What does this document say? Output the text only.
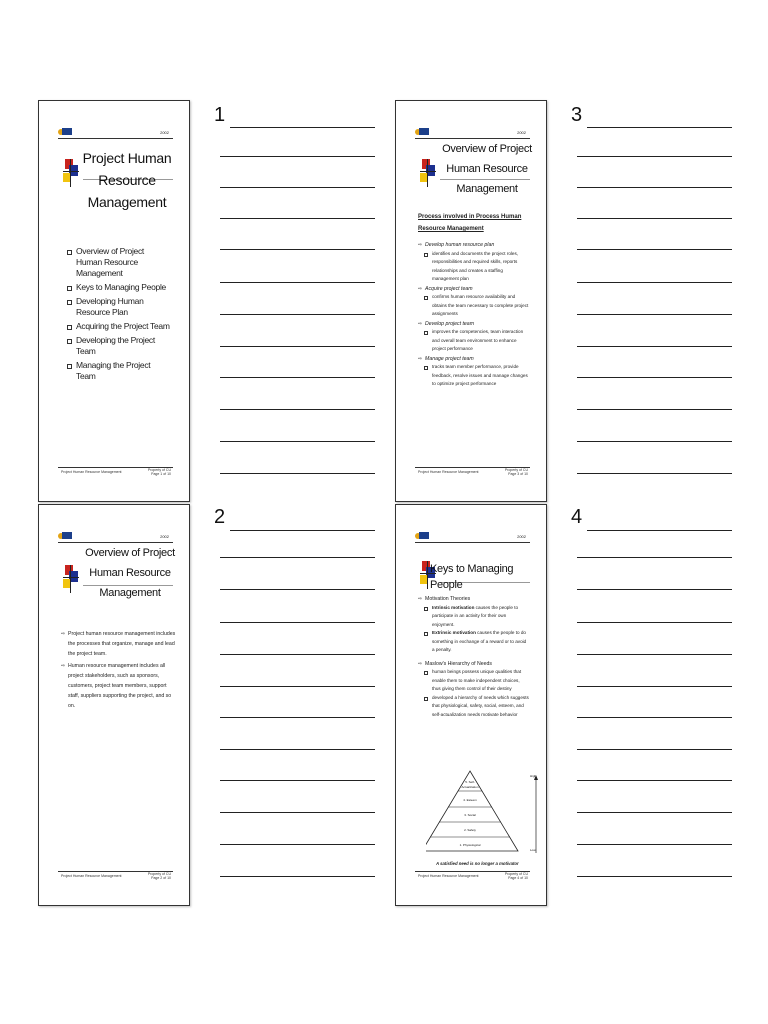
2002
Project Human
Resource
Management
Overview of Project Human Resource Management
Keys to Managing People
Developing Human Resource Plan
Acquiring the Project Team
Developing the Project Team
Managing the Project Team
Project Human Resource Management	Property of CU
Page 1 of 10
2002
Overview of Project
Human Resource
Management
⇨ Project human resource management includes the processes that organize, manage and lead the project team.
⇨ Human resource management includes all project stakeholders, such as sponsors, customers, project team members, support staff, suppliers supporting the project, and so on.
Project Human Resource Management	Property of CU
Page 2 of 10
2002
Overview of Project
Human Resource
Management
Process involved in Process Human
Resource Management
⇨ Develop human resource plan
identifies and documents the project roles,
responsibilities and required skills, reports
relationships and creates a staffing
management plan
⇨ Acquire project team
confirms human resource availability and
obtains the team necessary to complete project
assignments
⇨ Develop project team
improves the competencies, team interaction
and overall team environment to enhance
project performance
⇨ Manage project team
tracks team member performance, provide
feedback, resolve issues and manage changes
to optimize project performance
Project Human Resource Management	Property of CU
Page 3 of 10
2002
Keys to Managing People
⇨ Motivation Theories
Intrinsic motivation causes the people to
participate in an activity for their own
enjoyment.
Extrinsic motivation causes the people to do
something in exchange of a reward or to avoid
a penalty.
⇨ Maslow's Hierarchy of Needs
human beings possess unique qualities that
enable them to make independent choices,
thus giving them control of their destiny
developed a hierarchy of needs which suggests
that physiological, safety, social, esteem, and
self-actualization needs motivate behavior
5. Self-
Actualization
4. Esteem
3. Social
2. Safety
1. Physiological
High
Low
A satisfied need is no longer a motivator
Project Human Resource Management	Property of CU
Page 4 of 10
1
2
3
4
